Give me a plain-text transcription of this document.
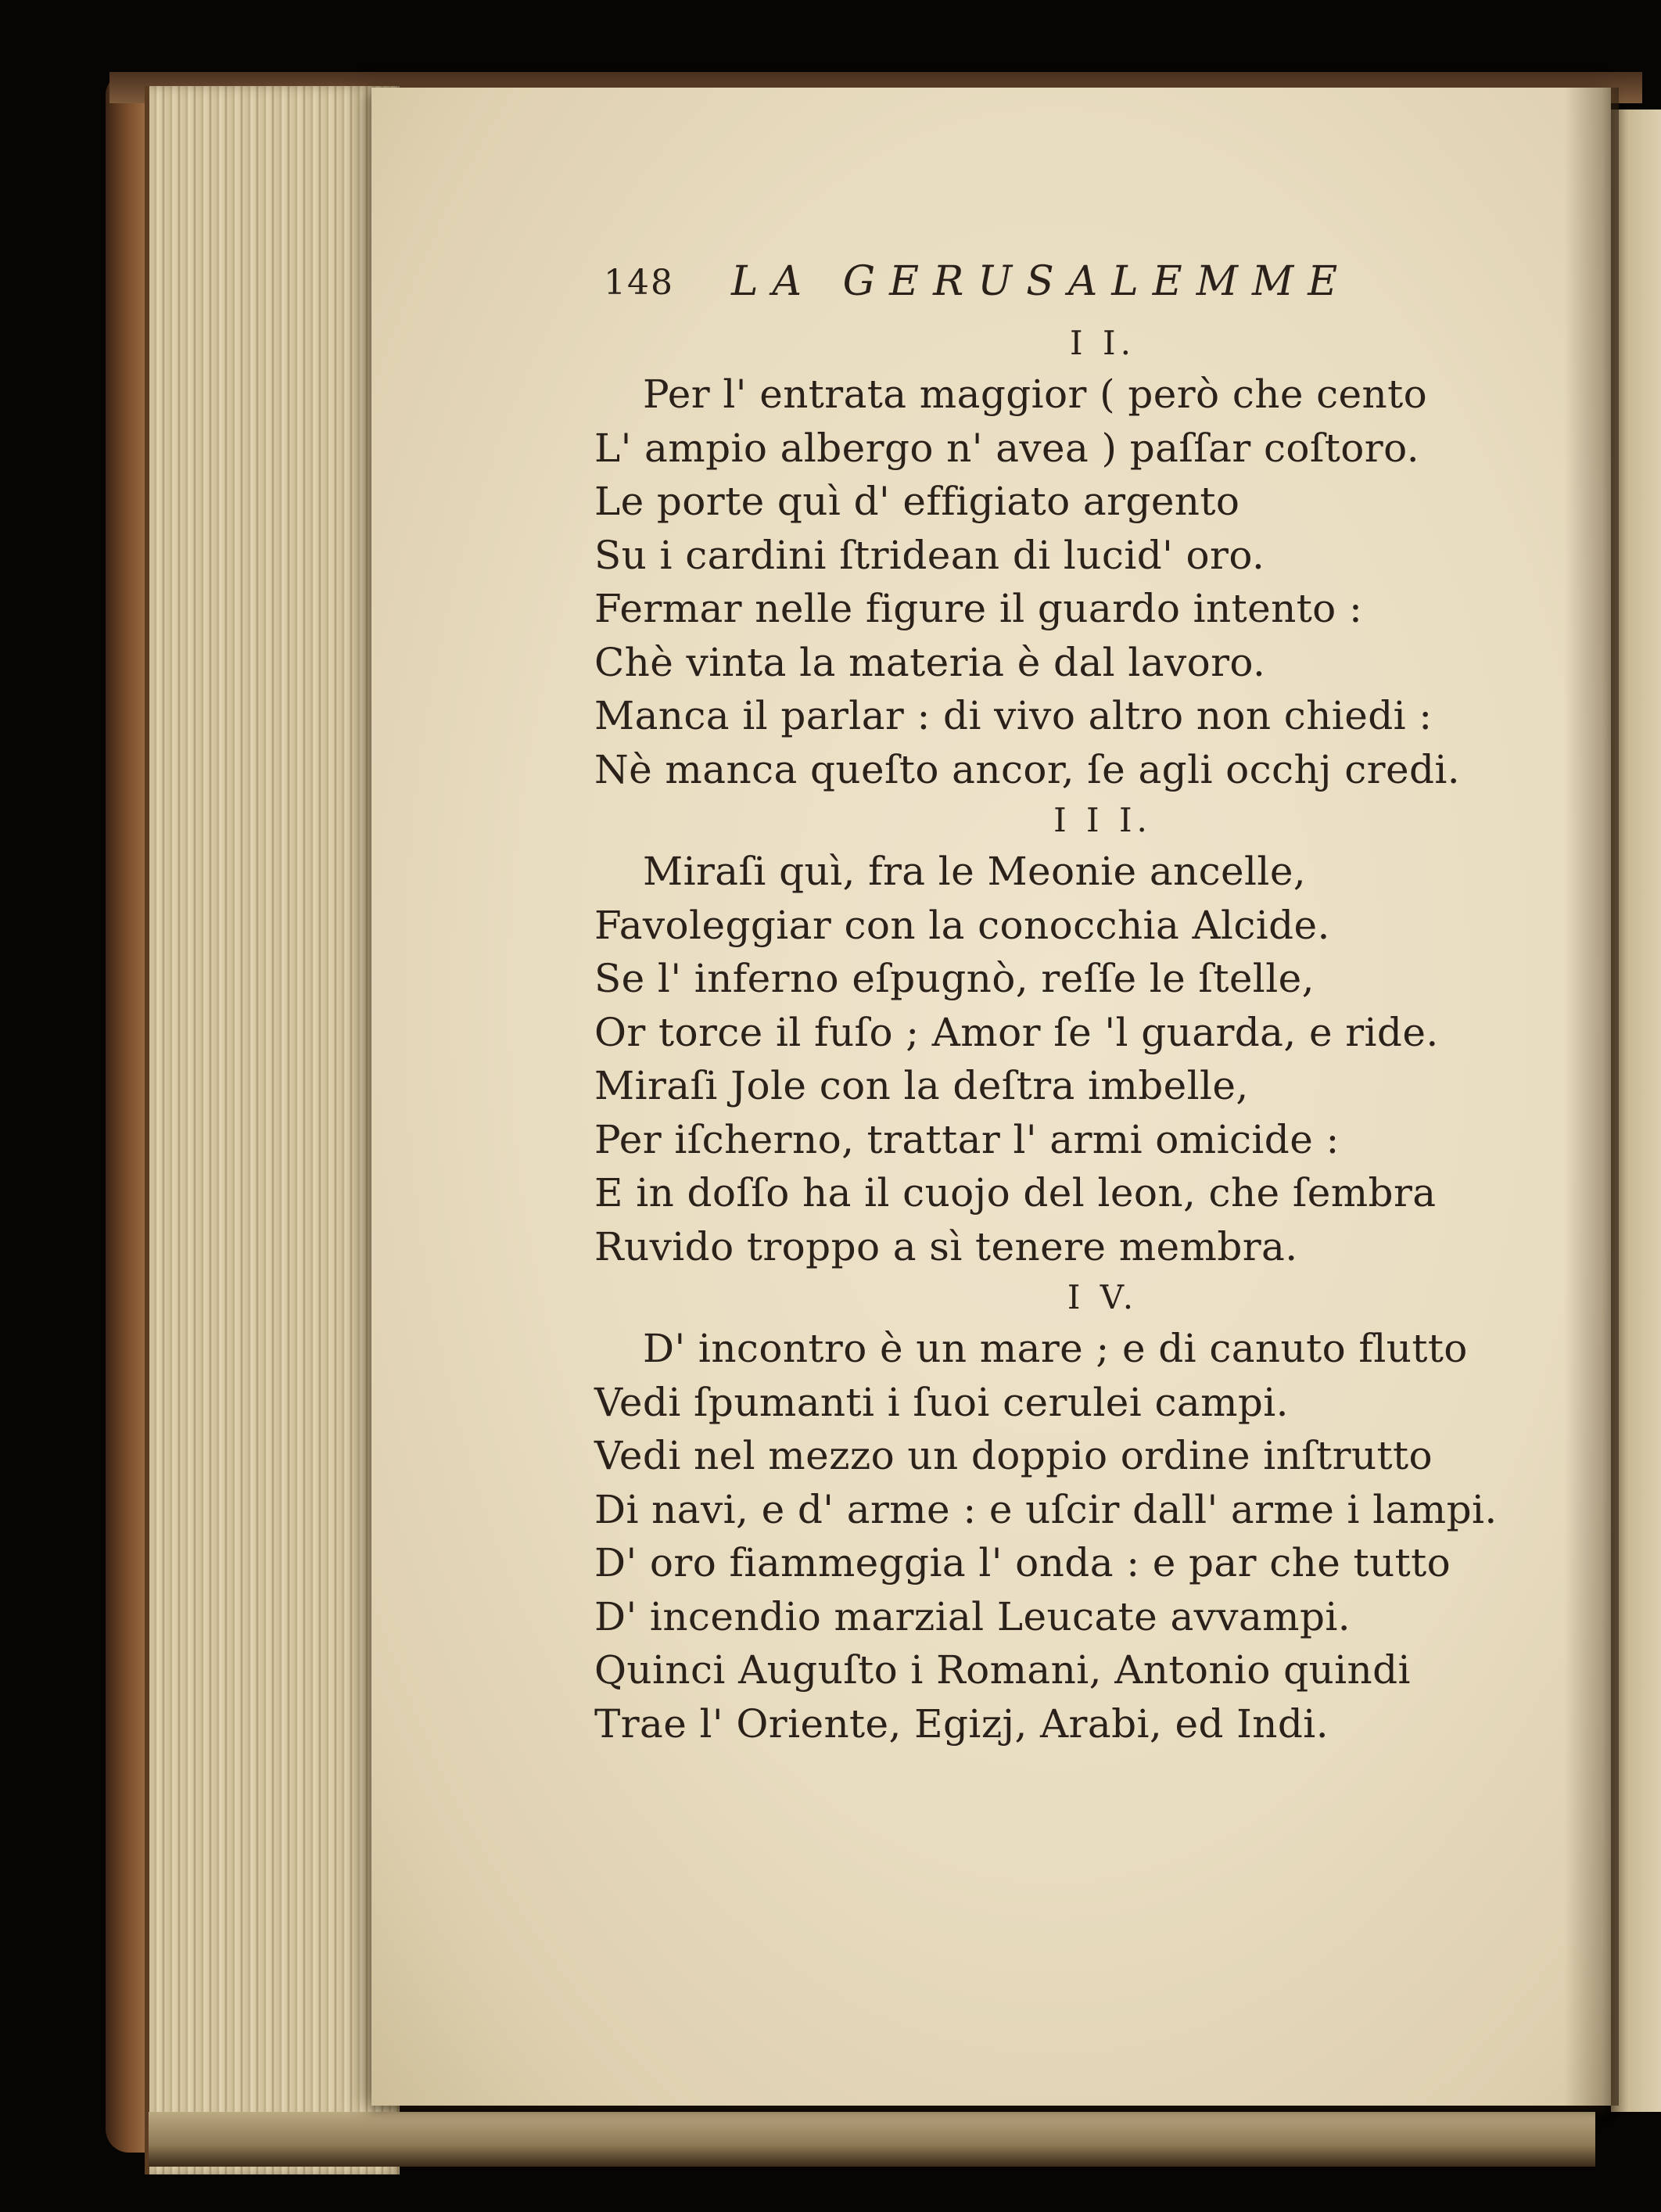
148 LA GERUSALEMME
I I.
Per l' entrata maggior ( però che cento
L' ampio albergo n' avea ) paſſar coſtoro.
Le porte quì d' effigiato argento
Su i cardini ſtridean di lucid' oro.
Fermar nelle figure il guardo intento :
Chè vinta la materia è dal lavoro.
Manca il parlar : di vivo altro non chiedi :
Nè manca queſto ancor, ſe agli occhj credi.
I I I.
Miraſi quì, fra le Meonie ancelle,
Favoleggiar con la conocchia Alcide.
Se l' inferno eſpugnò, reſſe le ſtelle,
Or torce il fuſo ; Amor ſe 'l guarda, e ride.
Miraſi Jole con la deſtra imbelle,
Per iſcherno, trattar l' armi omicide :
E in doſſo ha il cuojo del leon, che ſembra
Ruvido troppo a sì tenere membra.
I V.
D' incontro è un mare ; e di canuto flutto
Vedi ſpumanti i ſuoi cerulei campi.
Vedi nel mezzo un doppio ordine inſtrutto
Di navi, e d' arme : e uſcir dall' arme i lampi.
D' oro fiammeggia l' onda : e par che tutto
D' incendio marzial Leucate avvampi.
Quinci Auguſto i Romani, Antonio quindi
Trae l' Oriente, Egizj, Arabi, ed Indi.
